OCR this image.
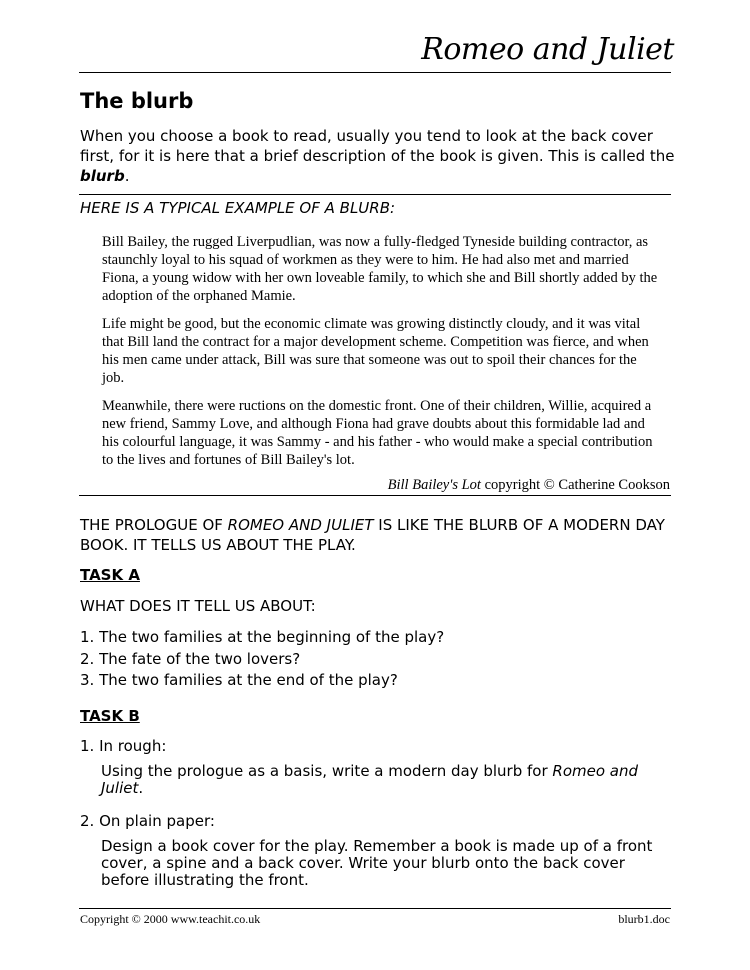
Romeo and Juliet
The blurb
When you choose a book to read, usually you tend to look at the back cover first, for it is here that a brief description of the book is given. This is called the blurb.
HERE IS A TYPICAL EXAMPLE OF A BLURB:

Bill Bailey, the rugged Liverpudlian, was now a fully-fledged Tyneside building contractor, as staunchly loyal to his squad of workmen as they were to him. He had also met and married Fiona, a young widow with her own loveable family, to which she and Bill shortly added by the adoption of the orphaned Mamie.

Life might be good, but the economic climate was growing distinctly cloudy, and it was vital that Bill land the contract for a major development scheme. Competition was fierce, and when his men came under attack, Bill was sure that someone was out to spoil their chances for the job.

Meanwhile, there were ructions on the domestic front. One of their children, Willie, acquired a new friend, Sammy Love, and although Fiona had grave doubts about this formidable lad and his colourful language, it was Sammy - and his father - who would make a special contribution to the lives and fortunes of Bill Bailey's lot.

Bill Bailey's Lot copyright © Catherine Cookson
THE PROLOGUE OF ROMEO AND JULIET IS LIKE THE BLURB OF A MODERN DAY BOOK. IT TELLS US ABOUT THE PLAY.
TASK A
WHAT DOES IT TELL US ABOUT:
1. The two families at the beginning of the play?
2. The fate of the two lovers?
3. The two families at the end of the play?
TASK B
1. In rough:
Using the prologue as a basis, write a modern day blurb for Romeo and Juliet.
2. On plain paper:
Design a book cover for the play. Remember a book is made up of a front cover, a spine and a back cover. Write your blurb onto the back cover before illustrating the front.
Copyright © 2000 www.teachit.co.uk	blurb1.doc
